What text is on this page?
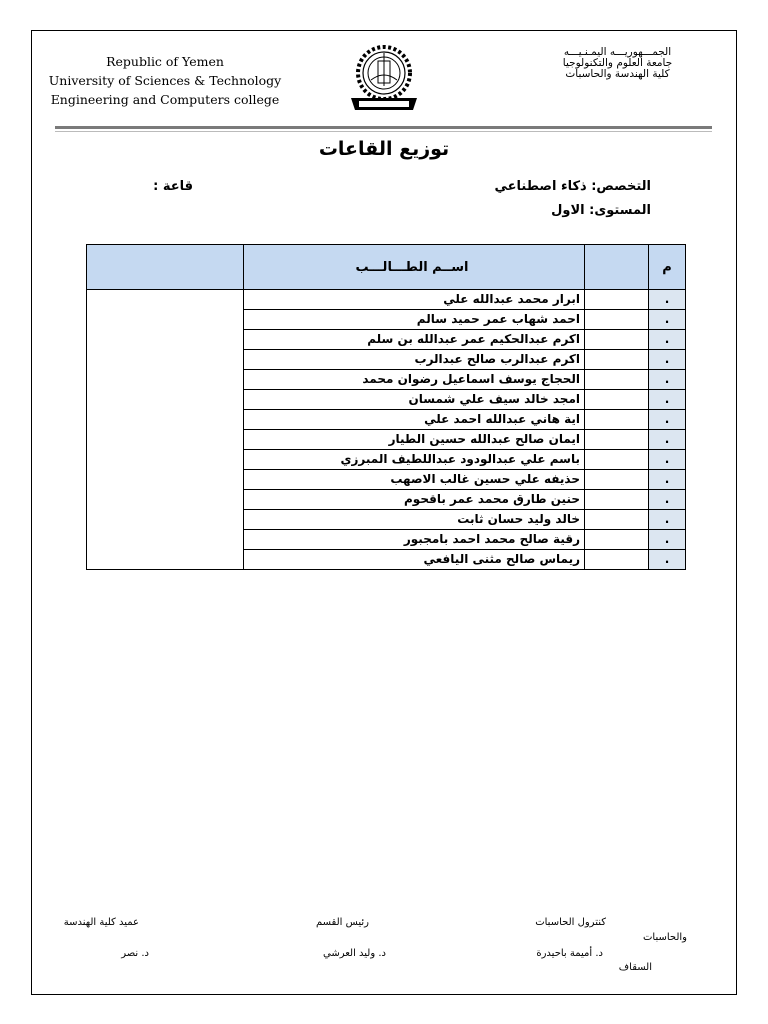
Republic of Yemen
University of Sciences & Technology
Engineering and Computers college
الجمـــهوريـــه اليمـنـيـــه
جامعة العلوم والتكنولوجيا
كلية الهندسة والحاسبات
توزيع القاعات
التخصص: ذكاء اصطناعي
المستوى: الاول
قاعة :
م		اســم الطـــالـــب	
.		ابرار محمد عبدالله علي	
.		احمد شهاب عمر حميد سالم	
.		اكرم عبدالحكيم عمر عبدالله بن سلم	
.		اكرم عبدالرب صالح عبدالرب	
.		الحجاج يوسف اسماعيل رضوان محمد	
.		امجد خالد سيف علي شمسان	
.		اية هاني عبدالله احمد علي	
.		ايمان صالح عبدالله حسين الطيار	
.		باسم علي عبدالودود عبداللطيف المبرزي	
.		حذيفه علي حسين غالب الاصهب	
.		حنين طارق محمد عمر باقحوم	
.		خالد وليد حسان ثابت	
.		رقية صالح محمد احمد بامجبور	
.		ريماس صالح مثنى اليافعي	
كنترول الحاسبات
والحاسبات
د. أميمة باحيدرة
السقاف
رئيس القسم
د. وليد العرشي
عميد كلية الهندسة
د. نصر
